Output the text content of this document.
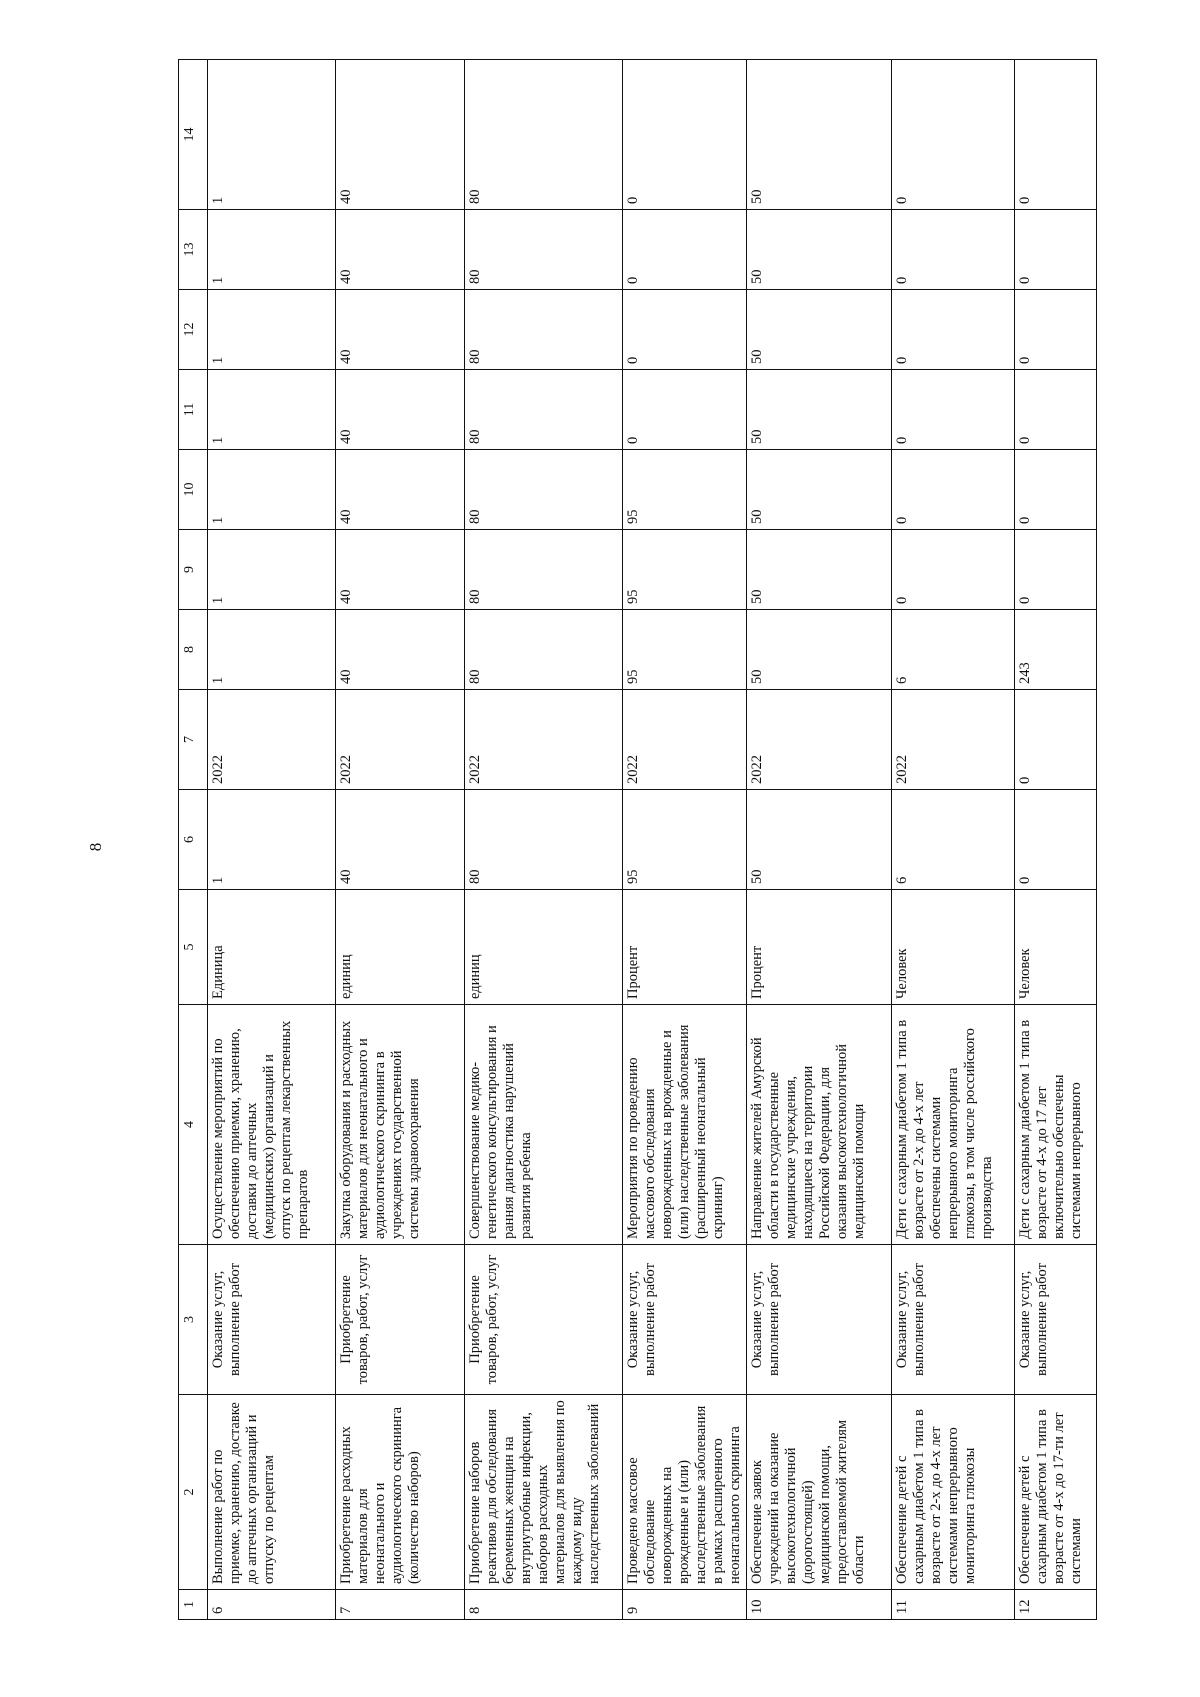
8
1	2	3	4	5	6	7	8	9	10	11	12	13	14
6	Выполнение работ по приемке, хранению, доставке до аптечных организаций и отпуску по рецептам	Оказание услуг, выполнение работ	Осуществление мероприятий по обеспечению приемки, хранению, доставки до аптечных (медицинских) организаций и отпуск по рецептам лекарственных препаратов	Единица	1	2022	1	1	1	1	1	1	1
7	Приобретение расходных материалов для неонатального и аудиологического скрининга (количество наборов)	Приобретение товаров, работ, услуг	Закупка оборудования и расходных материалов для неонатального и аудиологического скрининга в учреждениях государственной системы здравоохранения	единиц	40	2022	40	40	40	40	40	40	40
8	Приобретение наборов реактивов для обследования беременных женщин на внутриутробные инфекции, наборов расходных материалов для выявления по каждому виду наследственных заболеваний	Приобретение товаров, работ, услуг	Совершенствование медико-генетического консультирования и ранняя диагностика нарушений развития ребенка	единиц	80	2022	80	80	80	80	80	80	80
9	Проведено массовое обследование новорожденных на врожденные и (или) наследственные заболевания в рамках расширенного неонатального скрининга	Оказание услуг, выполнение работ	Мероприятия по проведению массового обследования новорожденных на врожденные и (или) наследственные заболевания (расширенный неонатальный скрининг)	Процент	95	2022	95	95	95	0	0	0	0
10	Обеспечение заявок учреждений на оказание высокотехнологичной (дорогостоящей) медицинской помощи, предоставляемой жителям области	Оказание услуг, выполнение работ	Направление жителей Амурской области в государственные медицинские учреждения, находящиеся на территории Российской Федерации, для оказания высокотехнологичной медицинской помощи	Процент	50	2022	50	50	50	50	50	50	50
11	Обеспечение детей с сахарным диабетом 1 типа в возрасте от 2-х до 4-х лет системами непрерывного мониторинга глюкозы	Оказание услуг, выполнение работ	Дети с сахарным диабетом 1 типа в возрасте от 2-х до 4-х лет обеспечены системами непрерывного мониторинга глюкозы, в том числе российского производства	Человек	6	2022	6	0	0	0	0	0	0
12	Обеспечение детей с сахарным диабетом 1 типа в возрасте от 4-х до 17-ти лет системами	Оказание услуг, выполнение работ	Дети с сахарным диабетом 1 типа в возрасте от 4-х до 17 лет включительно обеспечены системами непрерывного	Человек	0	0	243	0	0	0	0	0	0
